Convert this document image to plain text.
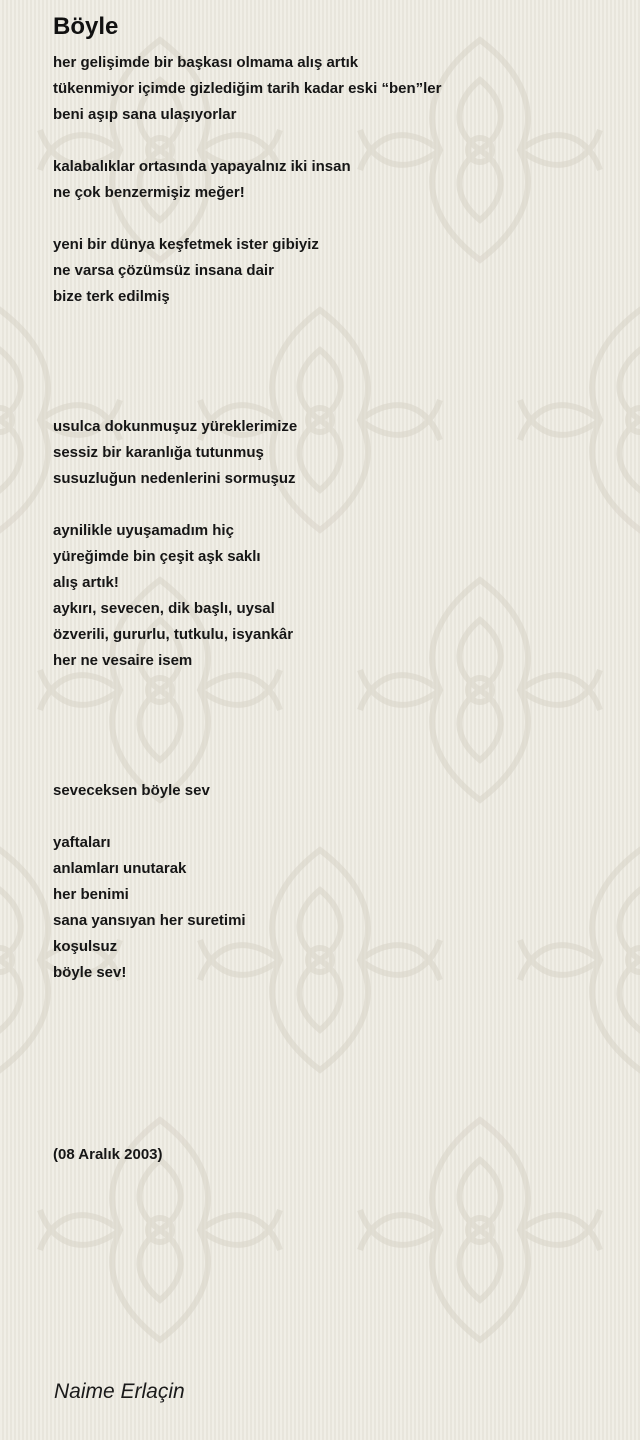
Böyle
her gelişimde bir başkası olmama alış artık
tükenmiyor içimde gizlediğim tarih kadar eski “ben”ler
beni aşıp sana ulaşıyorlar
kalabalıklar ortasında yapayalnız iki insan
ne çok benzermişiz meğer!
yeni bir dünya keşfetmek ister gibiyiz
ne varsa çözümsüz insana dair
bize terk edilmiş
usulca dokunmuşuz yüreklerimize
sessiz bir karanlığa tutunmuş
susuzluğun nedenlerini sormuşuz
aynilikle uyuşamadım hiç
yüreğimde bin çeşit aşk saklı
alış artık!
aykırı, sevecen, dik başlı, uysal
özverili, gururlu, tutkulu, isyankâr
her ne vesaire isem
seveceksen böyle sev
yaftaları
anlamları unutarak
her benimi
sana yansıyan her suretimi
koşulsuz
böyle sev!
(08 Aralık 2003)
Naime Erlaçin
